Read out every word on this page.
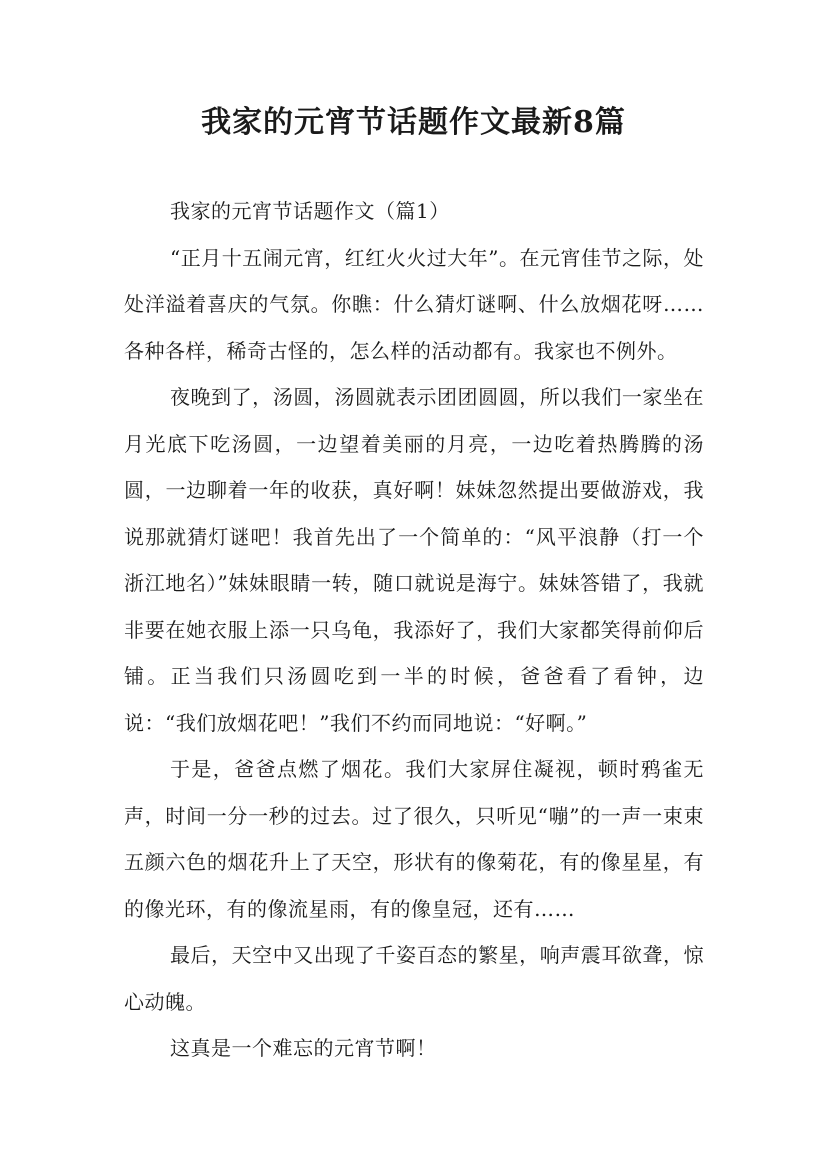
我家的元宵节话题作文最新8篇

我家的元宵节话题作文（篇1）

“正月十五闹元宵，红红火火过大年”。在元宵佳节之际，处处洋溢着喜庆的气氛。你瞧：什么猜灯谜啊、什么放烟花呀……各种各样，稀奇古怪的，怎么样的活动都有。我家也不例外。

夜晚到了，汤圆，汤圆就表示团团圆圆，所以我们一家坐在月光底下吃汤圆，一边望着美丽的月亮，一边吃着热腾腾的汤圆，一边聊着一年的收获，真好啊！妹妹忽然提出要做游戏，我说那就猜灯谜吧！我首先出了一个简单的：“风平浪静（打一个浙江地名）”妹妹眼睛一转，随口就说是海宁。妹妹答错了，我就非要在她衣服上添一只乌龟，我添好了，我们大家都笑得前仰后铺。正当我们只汤圆吃到一半的时候，爸爸看了看钟，边说：“我们放烟花吧！”我们不约而同地说：“好啊。”

于是，爸爸点燃了烟花。我们大家屏住凝视，顿时鸦雀无声，时间一分一秒的过去。过了很久，只听见“嘣”的一声一束束五颜六色的烟花升上了天空，形状有的像菊花，有的像星星，有的像光环，有的像流星雨，有的像皇冠，还有……

最后，天空中又出现了千姿百态的繁星，响声震耳欲聋，惊心动魄。

这真是一个难忘的元宵节啊！
